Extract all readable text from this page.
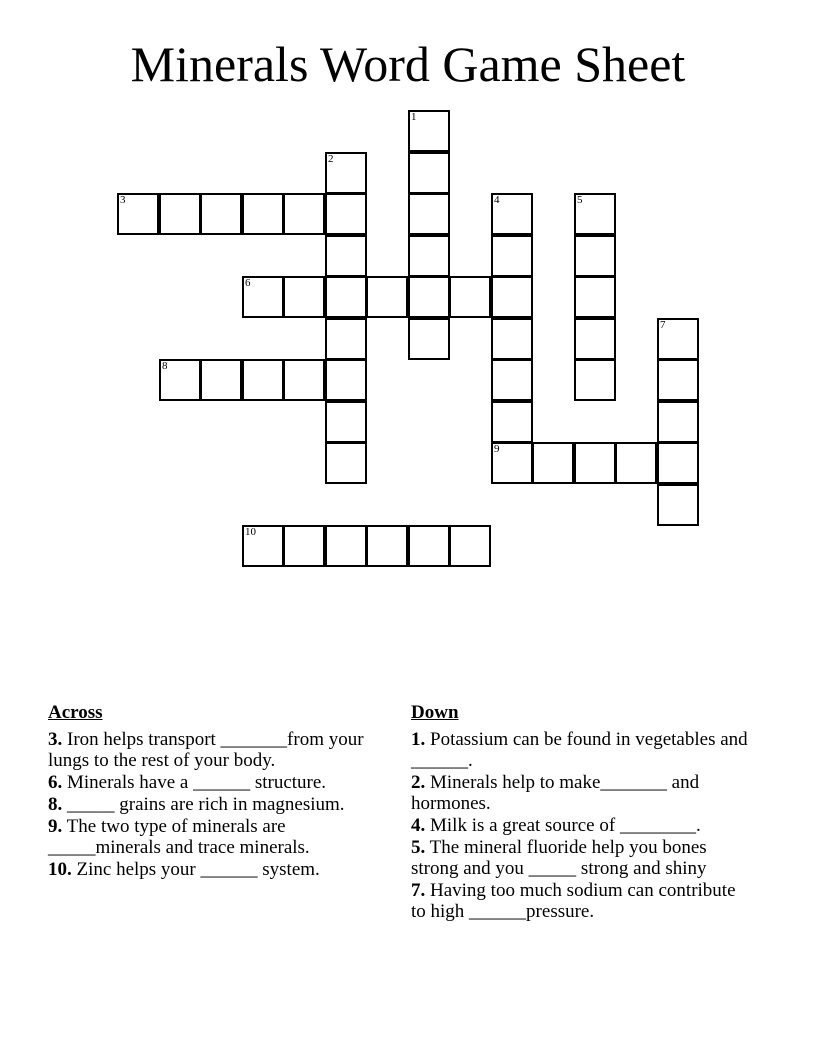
Minerals Word Game Sheet
1
2
3	4
9
5
6
7
8
10
Across
3. Iron helps transport _______from your lungs to the rest of your body.
6. Minerals have a ______ structure.
8. _____ grains are rich in magnesium.
9. The two type of minerals are _____minerals and trace minerals.
10. Zinc helps your ______ system.
Down
1. Potassium can be found in vegetables and ______.
2. Minerals help to make_______ and hormones.
4. Milk is a great source of ________.
5. The mineral fluoride help you bones strong and you _____ strong and shiny
7. Having too much sodium can contribute to high ______pressure.
